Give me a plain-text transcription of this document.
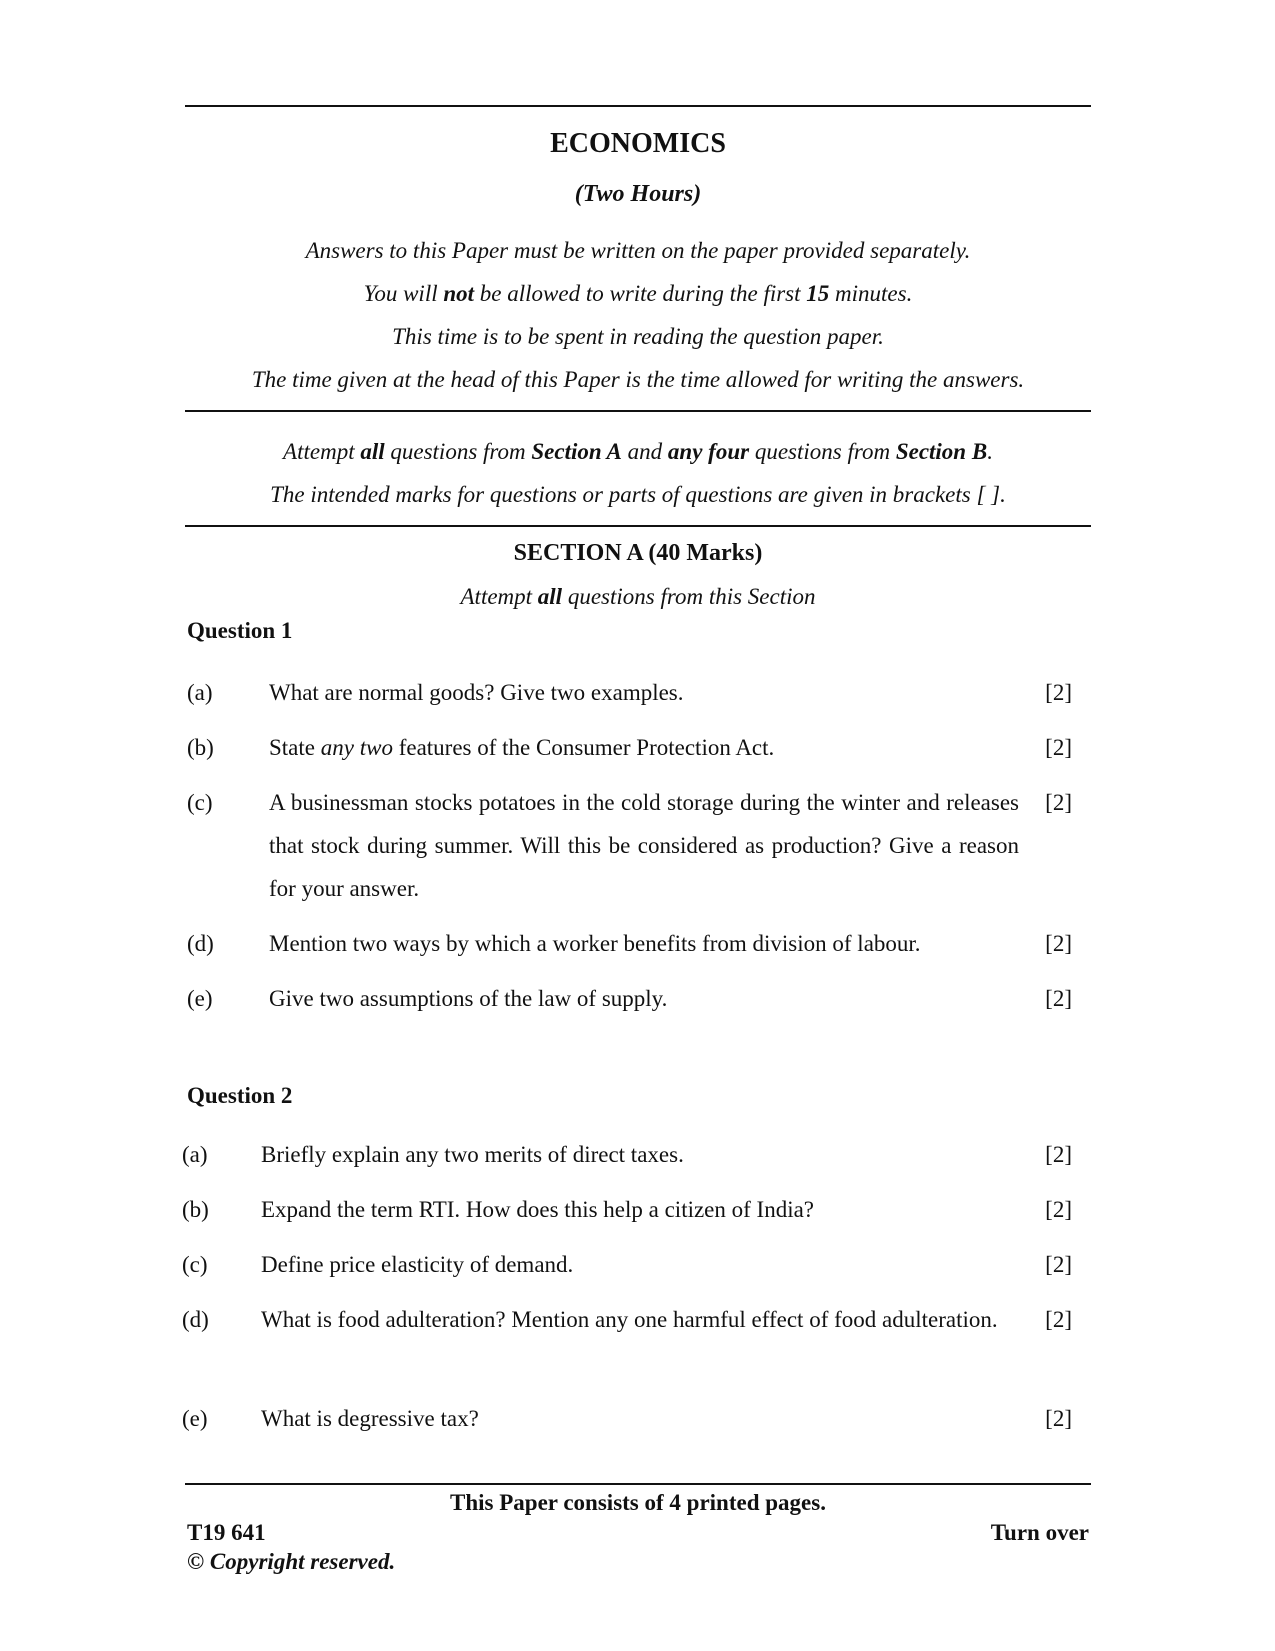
ECONOMICS
(Two Hours)
Answers to this Paper must be written on the paper provided separately.
You will not be allowed to write during the first 15 minutes.
This time is to be spent in reading the question paper.
The time given at the head of this Paper is the time allowed for writing the answers.
Attempt all questions from Section A and any four questions from Section B.
The intended marks for questions or parts of questions are given in brackets [ ].
SECTION A (40 Marks)
Attempt all questions from this Section
Question 1
(a) What are normal goods? Give two examples.	[2]
(b) State any two features of the Consumer Protection Act.	[2]
(c) A businessman stocks potatoes in the cold storage during the winter and releases that stock during summer. Will this be considered as production? Give a reason for your answer.
[2]
(d) Mention two ways by which a worker benefits from division of labour.	[2]
(e) Give two assumptions of the law of supply.	[2]
Question 2
(a) Briefly explain any two merits of direct taxes.	[2]
(b) Expand the term RTI. How does this help a citizen of India?	[2]
(c) Define price elasticity of demand.	[2]
(d) What is food adulteration? Mention any one harmful effect of food adulteration.	[2]
(e) What is degressive tax?	[2]
This Paper consists of 4 printed pages.
T19 641	Turn over
© Copyright reserved.
